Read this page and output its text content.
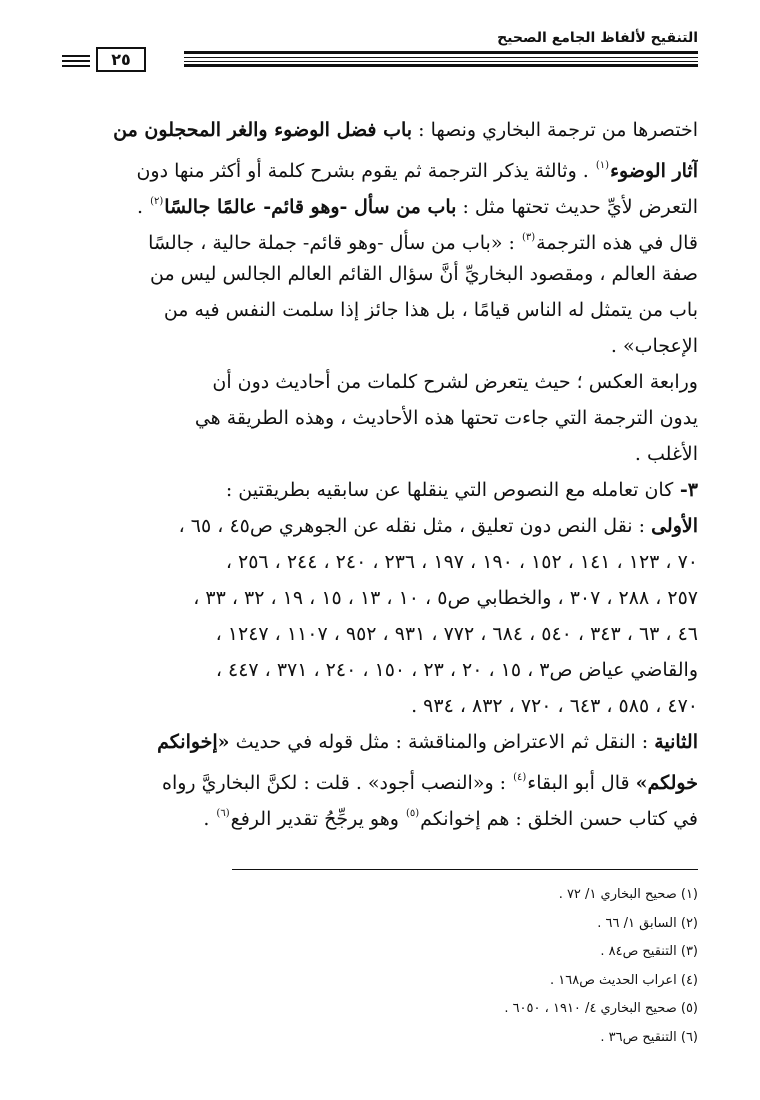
التنقيح لألفاظ الجامع الصحيح
٢٥
اختصرها من ترجمة البخاري ونصها : باب فضل الوضوء والغر المحجلون من
آثار الوضوء$^{(١)}$ . وثالثة يذكر الترجمة ثم يقوم بشرح كلمة أو أكثر منها دون
التعرض لأيِّ حديث تحتها مثل : باب من سأل -وهو قائم- عالمًا جالسًا$^{(٢)}$ .
قال في هذه الترجمة$^{(٣)}$ : «باب من سأل -وهو قائم- جملة حالية ، جالسًا
صفة العالم ، ومقصود البخاريِّ أنَّ سؤال القائم العالم الجالس ليس من
باب من يتمثل له الناس قيامًا ، بل هذا جائز إذا سلمت النفس فيه من
الإعجاب» .
ورابعة العكس ؛ حيث يتعرض لشرح كلمات من أحاديث دون أن
يدون الترجمة التي جاءت تحتها هذه الأحاديث ، وهذه الطريقة هي
الأغلب .
٣- كان تعامله مع النصوص التي ينقلها عن سابقيه بطريقتين :
الأولى : نقل النص دون تعليق ، مثل نقله عن الجوهري ص٤٥ ، ٦٥ ،
٧٠ ، ١٢٣ ، ١٤١ ، ١٥٢ ، ١٩٠ ، ١٩٧ ، ٢٣٦ ، ٢٤٠ ، ٢٤٤ ، ٢٥٦ ،
٢٥٧ ، ٢٨٨ ، ٣٠٧ ، والخطابي ص٥ ، ١٠ ، ١٣ ، ١٥ ، ١٩ ، ٣٢ ، ٣٣ ،
٤٦ ، ٦٣ ، ٣٤٣ ، ٥٤٠ ، ٦٨٤ ، ٧٧٢ ، ٩٣١ ، ٩٥٢ ، ١١٠٧ ، ١٢٤٧ ،
والقاضي عياض ص٣ ، ١٥ ، ٢٠ ، ٢٣ ، ١٥٠ ، ٢٤٠ ، ٣٧١ ، ٤٤٧ ،
٤٧٠ ، ٥٨٥ ، ٦٤٣ ، ٧٢٠ ، ٨٣٢ ، ٩٣٤ .
الثانية : النقل ثم الاعتراض والمناقشة : مثل قوله في حديث «إخوانكم
خولكم» قال أبو البقاء$^{(٤)}$ : و«النصب أجود» . قلت : لكنَّ البخاريَّ رواه
في كتاب حسن الخلق : هم إخوانكم$^{(٥)}$ وهو يرجِّحُ تقدير الرفع$^{(٦)}$ .
(١) صحيح البخاري ١/ ٧٢ .
(٢) السابق ١/ ٦٦ .
(٣) التنقيح ص٨٤ .
(٤) اعراب الحديث ص١٦٨ .
(٥) صحيح البخاري ٤/ ١٩١٠ ، ٦٠٥٠ .
(٦) التنقيح ص٣٦ .
